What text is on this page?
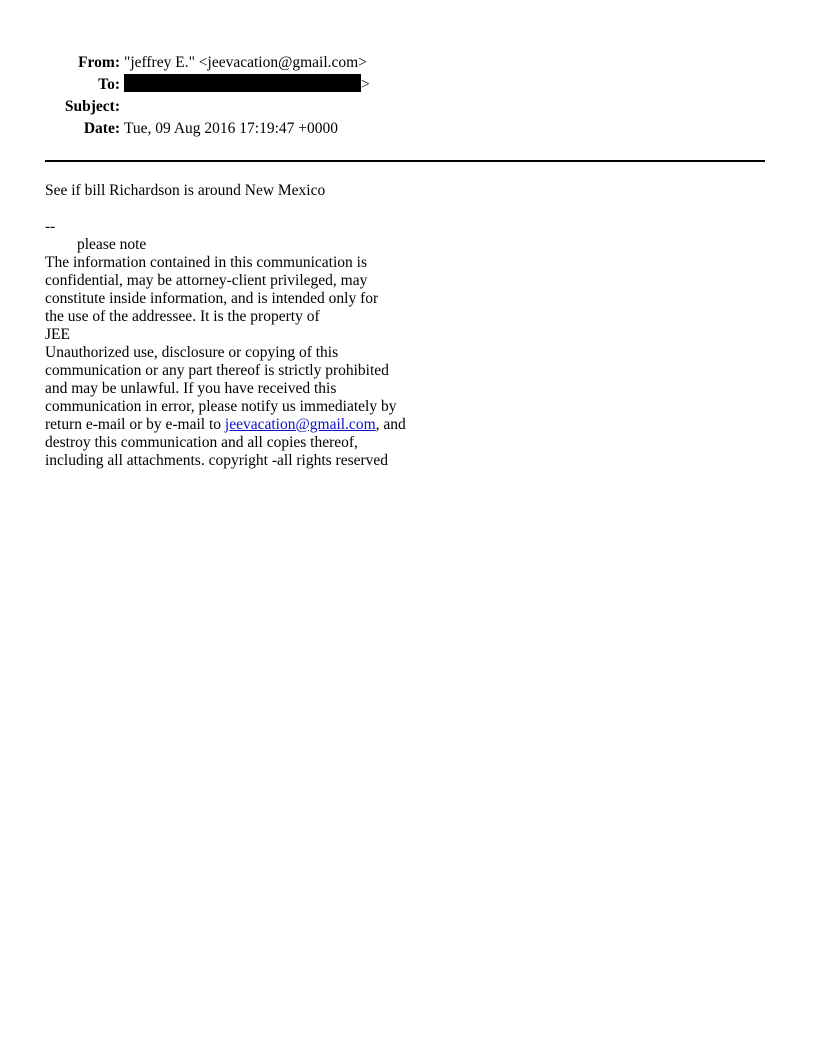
From:	"jeffrey E." <jeevacation@gmail.com>
To:	>
Subject:	
Date:	Tue, 09 Aug 2016 17:19:47 +0000
See if bill Richardson is around New Mexico
--
please note
The information contained in this communication is
confidential, may be attorney-client privileged, may
constitute inside information, and is intended only for
the use of the addressee. It is the property of
JEE
Unauthorized use, disclosure or copying of this
communication or any part thereof is strictly prohibited
and may be unlawful. If you have received this
communication in error, please notify us immediately by
return e-mail or by e-mail to jeevacation@gmail.com, and
destroy this communication and all copies thereof,
including all attachments. copyright -all rights reserved
